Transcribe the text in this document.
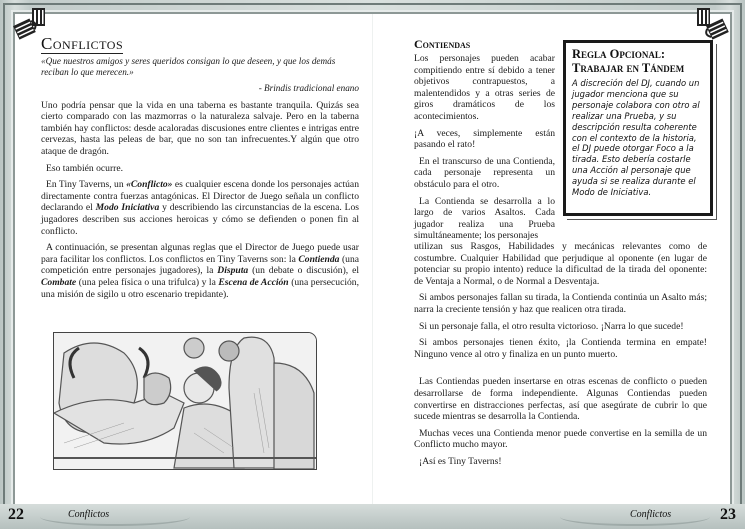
22	Conflictos	Conflictos	23
Conflictos

«Que nuestros amigos y seres queridos consigan lo que deseen, y que los demás reciban lo que merecen.»

- Brindis tradicional enano

Uno podría pensar que la vida en una taberna es bastante tranquila. Quizás sea cierto comparado con las mazmorras o la naturaleza salvaje. Pero en la taberna también hay conflictos: desde acaloradas discusiones entre clientes e intrigas entre cervezas, hasta las peleas de bar, que no son tan infrecuentes.Y algún que otro ataque de dragón.

Eso también ocurre.

En Tiny Taverns, un «Conflicto» es cualquier escena donde los personajes actúan directamente contra fuerzas antagónicas. El Director de Juego señala un conflicto declarando el Modo Iniciativa y describiendo las circunstancias de la escena. Los jugadores describen sus acciones heroicas y cómo se defienden o ponen fin al conflicto.

A continuación, se presentan algunas reglas que el Director de Juego puede usar para facilitar los conflictos. Los conflictos en Tiny Taverns son: la Contienda (una competición entre personajes jugadores), la Disputa (un debate o discusión), el Combate (una pelea física o una trifulca) y la Escena de Acción (una persecución, una misión de sigilo u otro escenario trepidante).

Contiendas

Los personajes pueden acabar compitiendo entre sí debido a tener objetivos contrapuestos, a malentendidos y a otras series de giros dramáticos de los acontecimientos.

¡A veces, simplemente están pasando el rato!

En el transcurso de una Contienda, cada personaje representa un obstáculo para el otro.

La Contienda se desarrolla a lo largo de varios Asaltos. Cada jugador realiza una Prueba simultáneamente; los personajes

Regla Opcional:
Trabajar en Tándem
A discreción del DJ, cuando un jugador menciona que su personaje colabora con otro al realizar una Prueba, y su descripción resulta coherente con el contexto de la historia, el DJ puede otorgar Foco a la tirada. Esto debería costarle una Acción al personaje que ayuda si se realiza durante el Modo de Iniciativa.

utilizan sus Rasgos, Habilidades y mecánicas relevantes como de costumbre. Cualquier Habilidad que perjudique al oponente (en lugar de potenciar su propio intento) reduce la dificultad de la tirada del oponente: de Ventaja a Normal, o de Normal a Desventaja.

Si ambos personajes fallan su tirada, la Contienda continúa un Asalto más; narra la creciente tensión y haz que realicen otra tirada.

Si un personaje falla, el otro resulta victorioso. ¡Narra lo que sucede!

Si ambos personajes tienen éxito, ¡la Contienda termina en empate! Ninguno vence al otro y finaliza en un punto muerto.

Las Contiendas pueden insertarse en otras escenas de conflicto o pueden desarrollarse de forma independiente. Algunas Contiendas pueden convertirse en distracciones perfectas, así que asegúrate de cubrir lo que sucede mientras se desarrolla la Contienda.

Muchas veces una Contienda menor puede convertise en la semilla de un Conflicto mucho mayor.

¡Así es Tiny Taverns!
